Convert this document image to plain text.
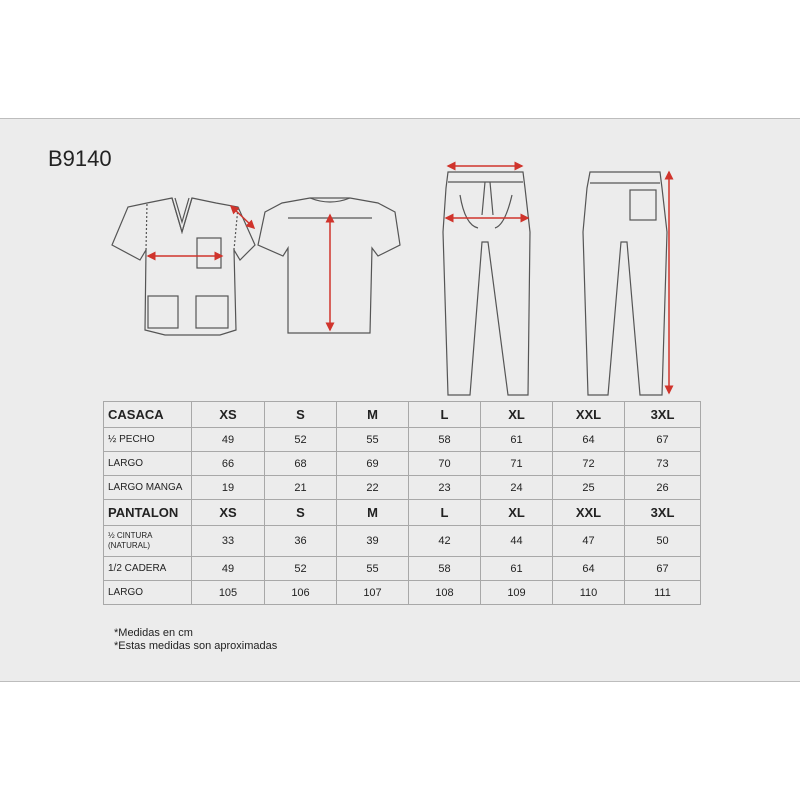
B9140
CASACA	XS	S	M	L	XL	XXL	3XL
½ PECHO	49	52	55	58	61	64	67
LARGO	66	68	69	70	71	72	73
LARGO MANGA	19	21	22	23	24	25	26
PANTALON	XS	S	M	L	XL	XXL	3XL

½ CINTURA
(NATURAL)	33	36	39	42	44	47	50
1/2 CADERA	49	52	55	58	61	64	67
LARGO	105	106	107	108	109	110	111
*Medidas en cm
*Estas medidas son aproximadas
